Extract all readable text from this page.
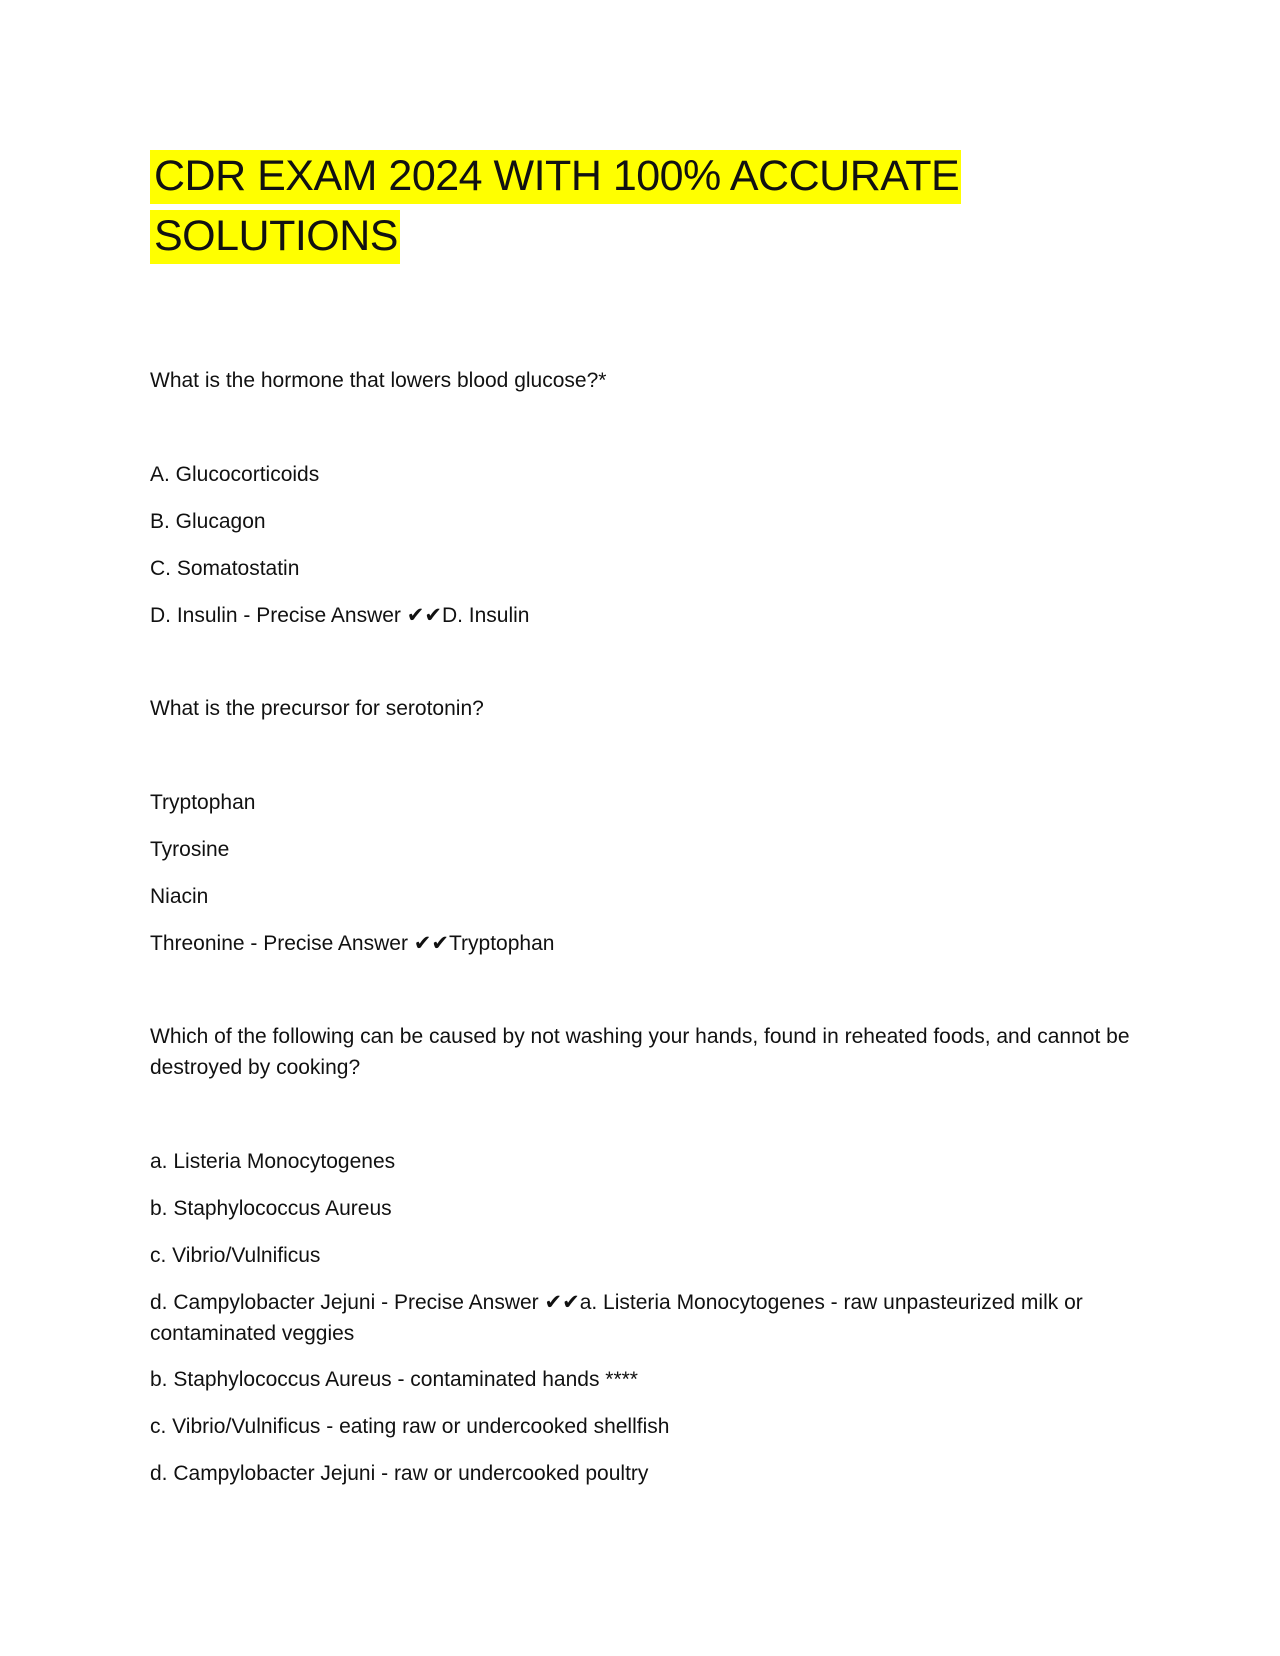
CDR EXAM 2024 WITH 100% ACCURATE SOLUTIONS

What is the hormone that lowers blood glucose?*

A. Glucocorticoids

B. Glucagon

C. Somatostatin

D. Insulin - Precise Answer ✔✔D. Insulin

What is the precursor for serotonin?

Tryptophan

Tyrosine

Niacin

Threonine - Precise Answer ✔✔Tryptophan

Which of the following can be caused by not washing your hands, found in reheated foods, and cannot be destroyed by cooking?

a. Listeria Monocytogenes

b. Staphylococcus Aureus

c. Vibrio/Vulnificus

d. Campylobacter Jejuni - Precise Answer ✔✔a. Listeria Monocytogenes - raw unpasteurized milk or contaminated veggies

b. Staphylococcus Aureus - contaminated hands ****

c. Vibrio/Vulnificus - eating raw or undercooked shellfish

d. Campylobacter Jejuni - raw or undercooked poultry
